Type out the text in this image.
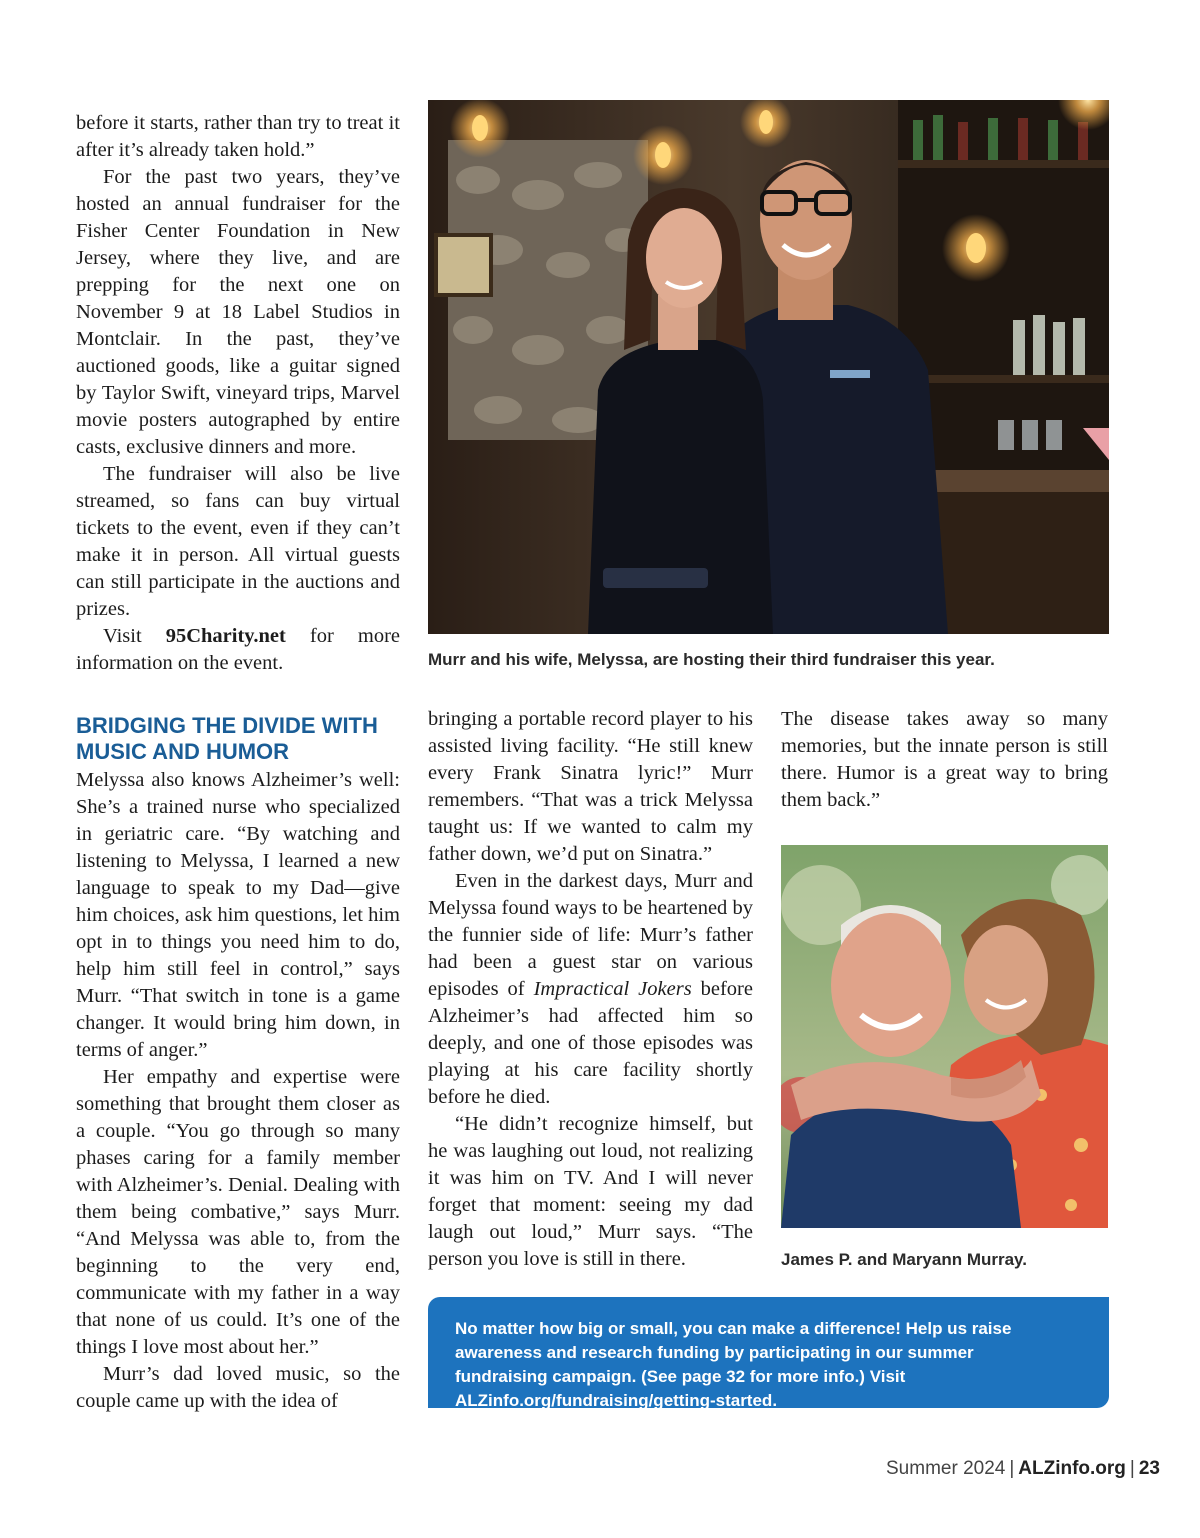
before it starts, rather than try to treat it after it’s already taken hold.”

For the past two years, they’ve hosted an annual fundraiser for the Fisher Center Foundation in New Jersey, where they live, and are prepping for the next one on November 9 at 18 Label Studios in Montclair. In the past, they’ve auctioned goods, like a guitar signed by Taylor Swift, vineyard trips, Marvel movie posters autographed by entire casts, exclusive dinners and more.

The fundraiser will also be live streamed, so fans can buy virtual tickets to the event, even if they can’t make it in person. All virtual guests can still participate in the auctions and prizes.

Visit 95Charity.net for more information on the event.

BRIDGING THE DIVIDE WITH MUSIC AND HUMOR

Melyssa also knows Alzheimer’s well: She’s a trained nurse who specialized in geriatric care. “By watching and listening to Melyssa, I learned a new language to speak to my Dad—give him choices, ask him questions, let him opt in to things you need him to do, help him still feel in control,” says Murr. “That switch in tone is a game changer. It would bring him down, in terms of anger.”

Her empathy and expertise were something that brought them closer as a couple. “You go through so many phases caring for a family member with Alzheimer’s. Denial. Dealing with them being combative,” says Murr. “And Melyssa was able to, from the beginning to the very end, communicate with my father in a way that none of us could. It’s one of the things I love most about her.”

Murr’s dad loved music, so the couple came up with the idea of

Murr and his wife, Melyssa, are hosting their third fundraiser this year.

bringing a portable record player to his assisted living facility. “He still knew every Frank Sinatra lyric!” Murr remembers. “That was a trick Melyssa taught us: If we wanted to calm my father down, we’d put on Sinatra.”

Even in the darkest days, Murr and Melyssa found ways to be heartened by the funnier side of life: Murr’s father had been a guest star on various episodes of Impractical Jokers before Alzheimer’s had affected him so deeply, and one of those episodes was playing at his care facility shortly before he died.

“He didn’t recognize himself, but he was laughing out loud, not realizing it was him on TV. And I will never forget that moment: seeing my dad laugh out loud,” Murr says. “The person you love is still in there.

The disease takes away so many memories, but the innate person is still there. Humor is a great way to bring them back.”

James P. and Maryann Murray.
No matter how big or small, you can make a difference! Help us raise awareness and research funding by participating in our summer fundraising campaign. (See page 32 for more info.) Visit ALZinfo.org/fundraising/getting-started.
Summer 2024 | ALZinfo.org | 23
